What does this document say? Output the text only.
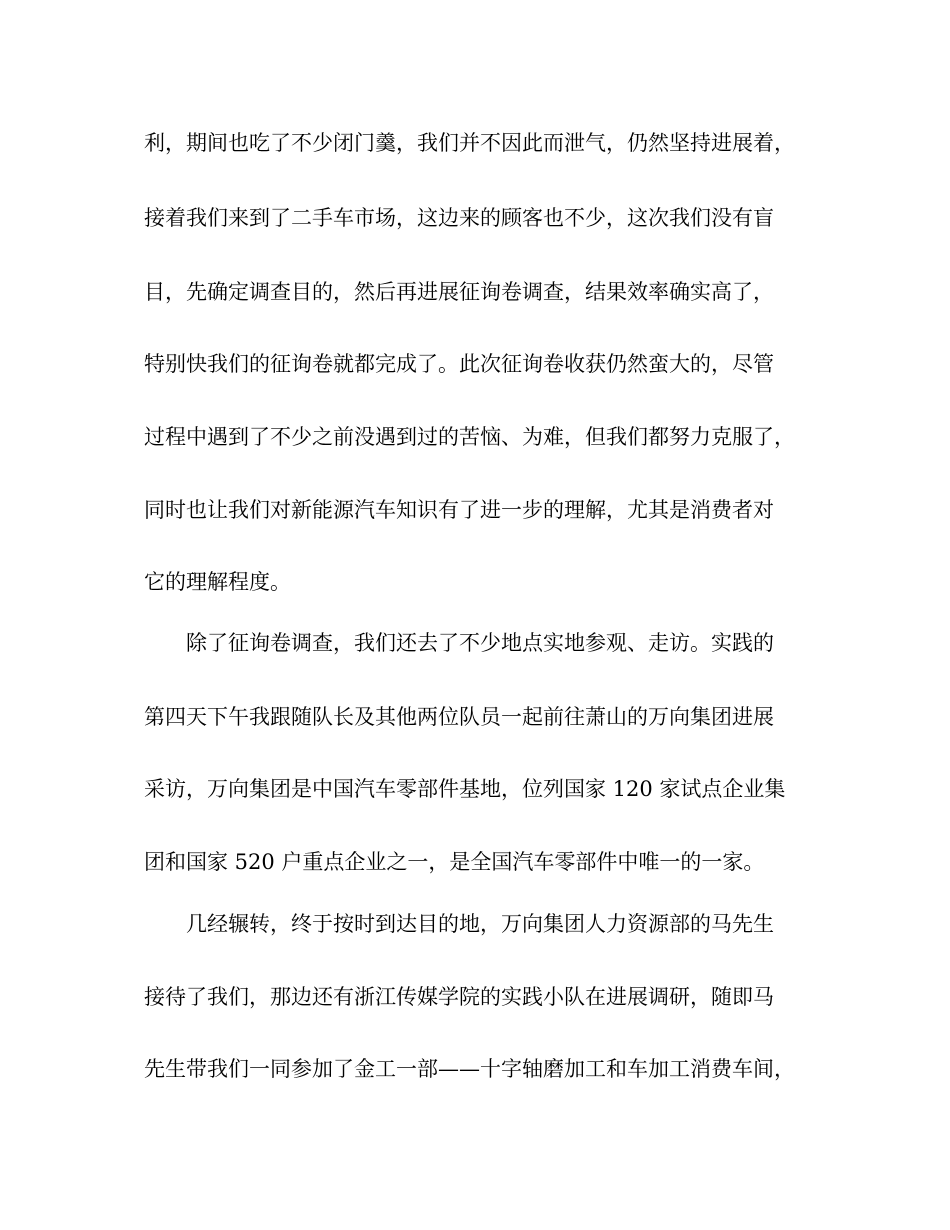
利，期间也吃了不少闭门羹，我们并不因此而泄气，仍然坚持进展着，
接着我们来到了二手车市场，这边来的顾客也不少，这次我们没有盲
目，先确定调查目的，然后再进展征询卷调查，结果效率确实高了，
特别快我们的征询卷就都完成了。此次征询卷收获仍然蛮大的，尽管
过程中遇到了不少之前没遇到过的苦恼、为难，但我们都努力克服了，
同时也让我们对新能源汽车知识有了进一步的理解，尤其是消费者对
它的理解程度。
除了征询卷调查，我们还去了不少地点实地参观、走访。实践的
第四天下午我跟随队长及其他两位队员一起前往萧山的万向集团进展
采访，万向集团是中国汽车零部件基地，位列国家 120 家试点企业集
团和国家 520 户重点企业之一，是全国汽车零部件中唯一的一家。
几经辗转，终于按时到达目的地，万向集团人力资源部的马先生
接待了我们，那边还有浙江传媒学院的实践小队在进展调研，随即马
先生带我们一同参加了金工一部——十字轴磨加工和车加工消费车间，
